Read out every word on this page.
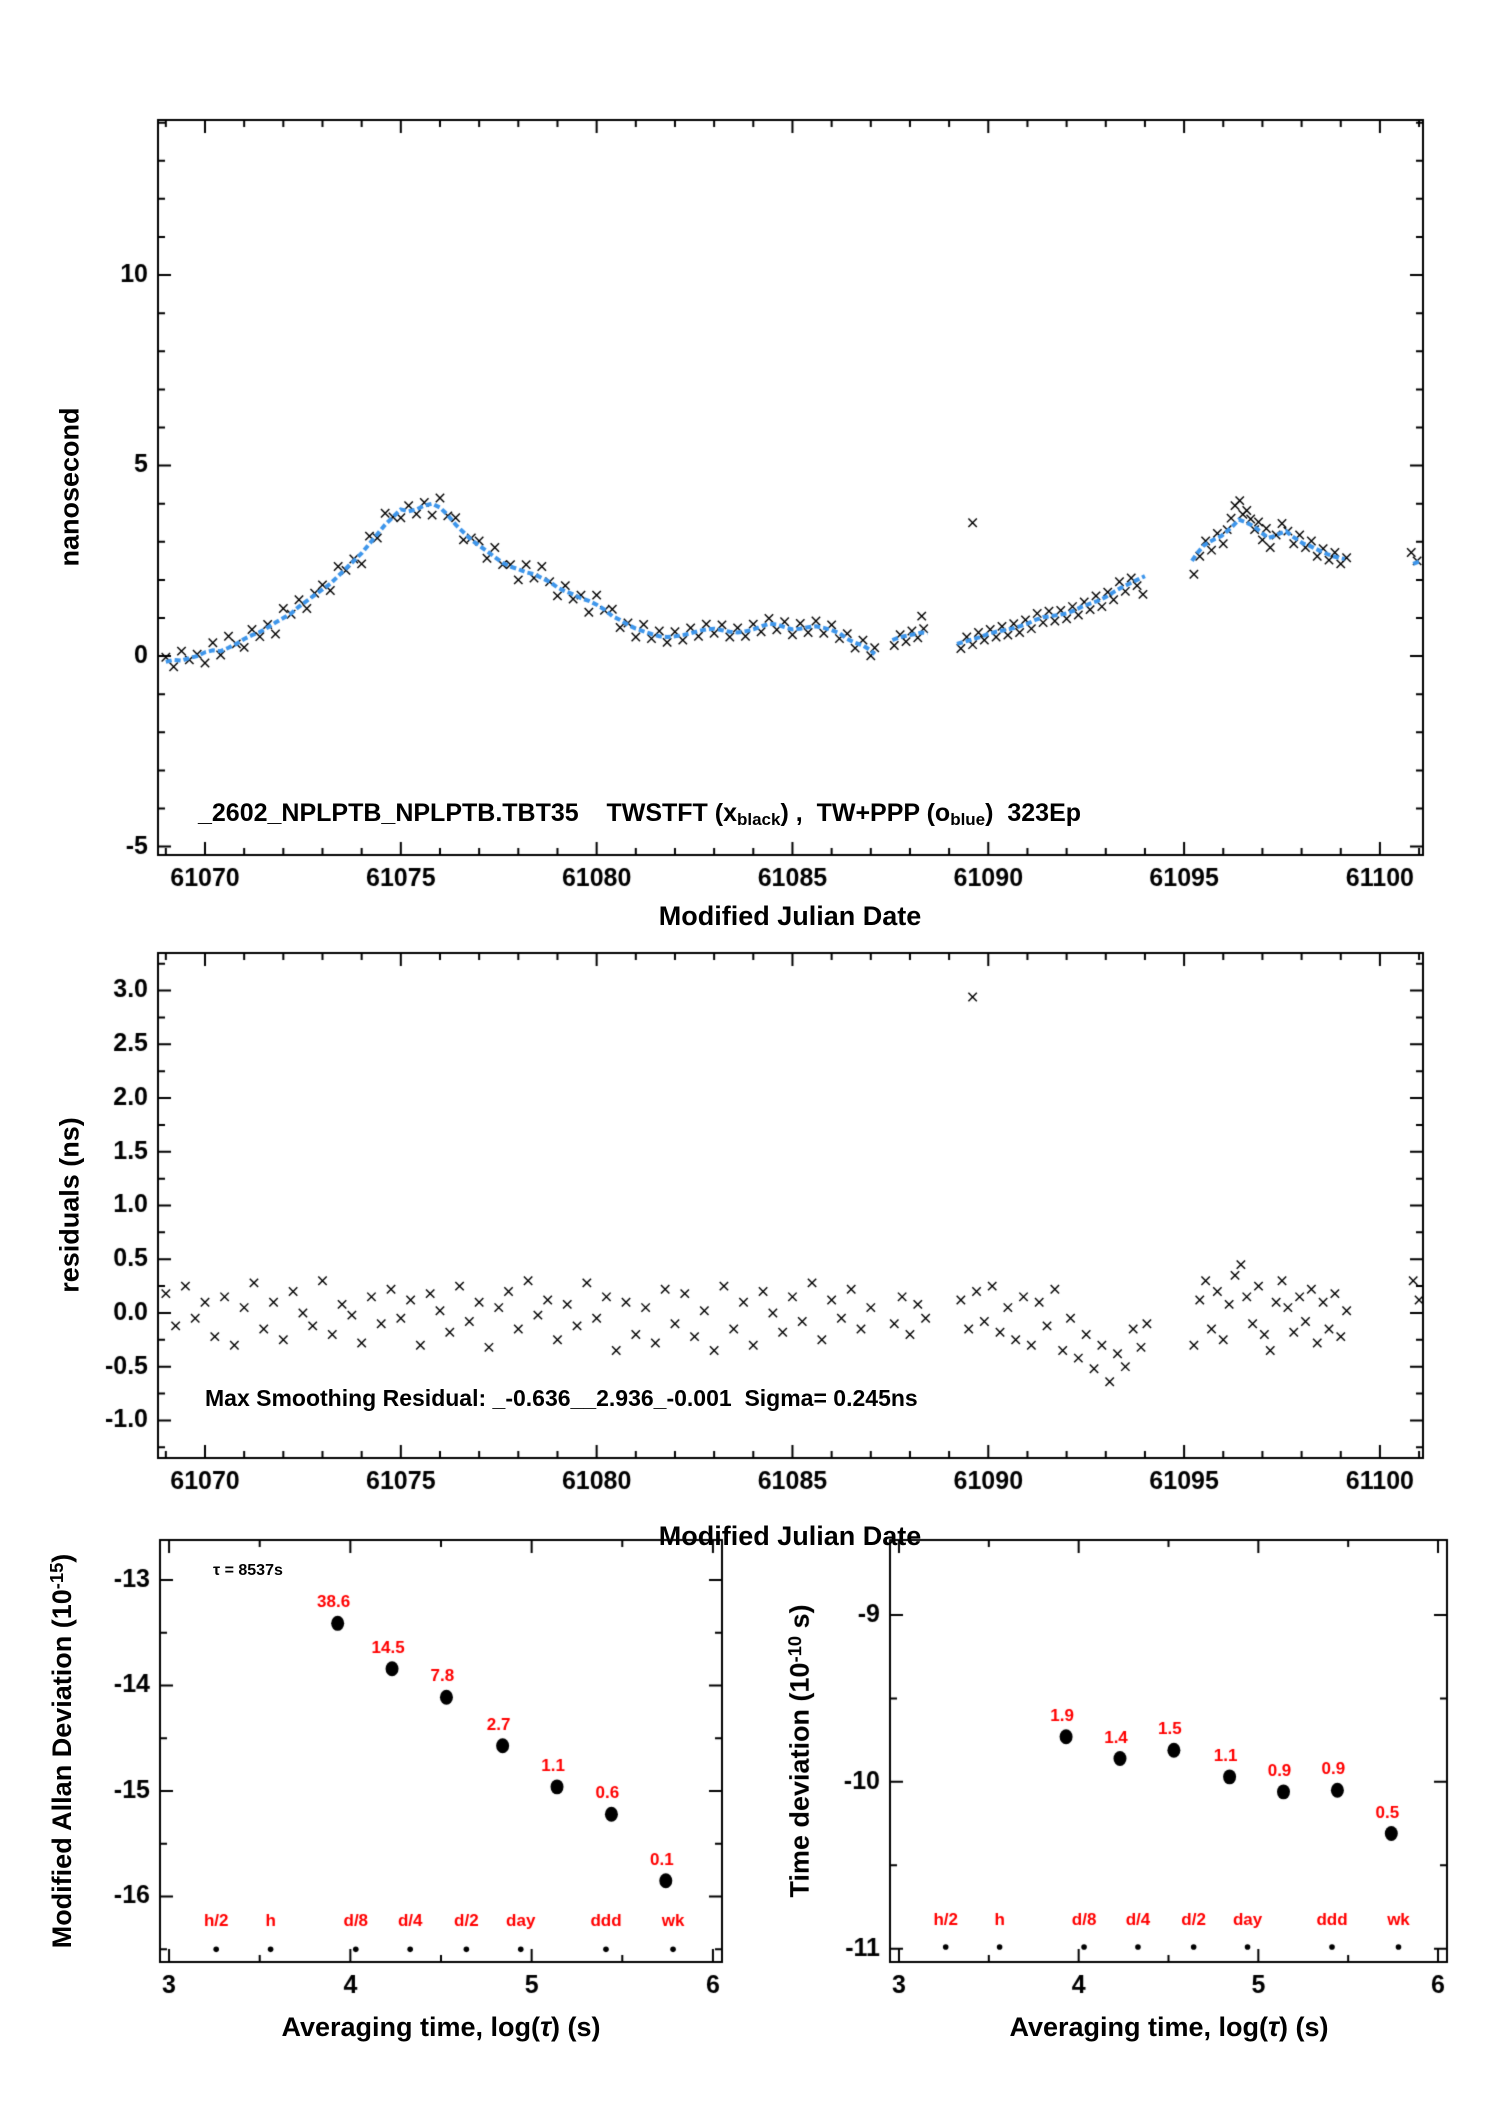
_2602_NPLPTB_NPLPTB.TBT35    TWSTFT $(x_{black})$ ,  TW+PPP $(o_{blue})$  323Ep
Max Smoothing Residual: _-0.636__2.936_-0.001  Sigma= 0.245ns
τ = 8537s
Modified Julian Date
Modified Julian Date
Averaging time, log(τ) (s)	Averaging time, log(τ) (s)
nanosecond
residuals (ns)
Modified Allan Deviation $(10^{-15})$
Time deviation ($10^{-10}$ s)
